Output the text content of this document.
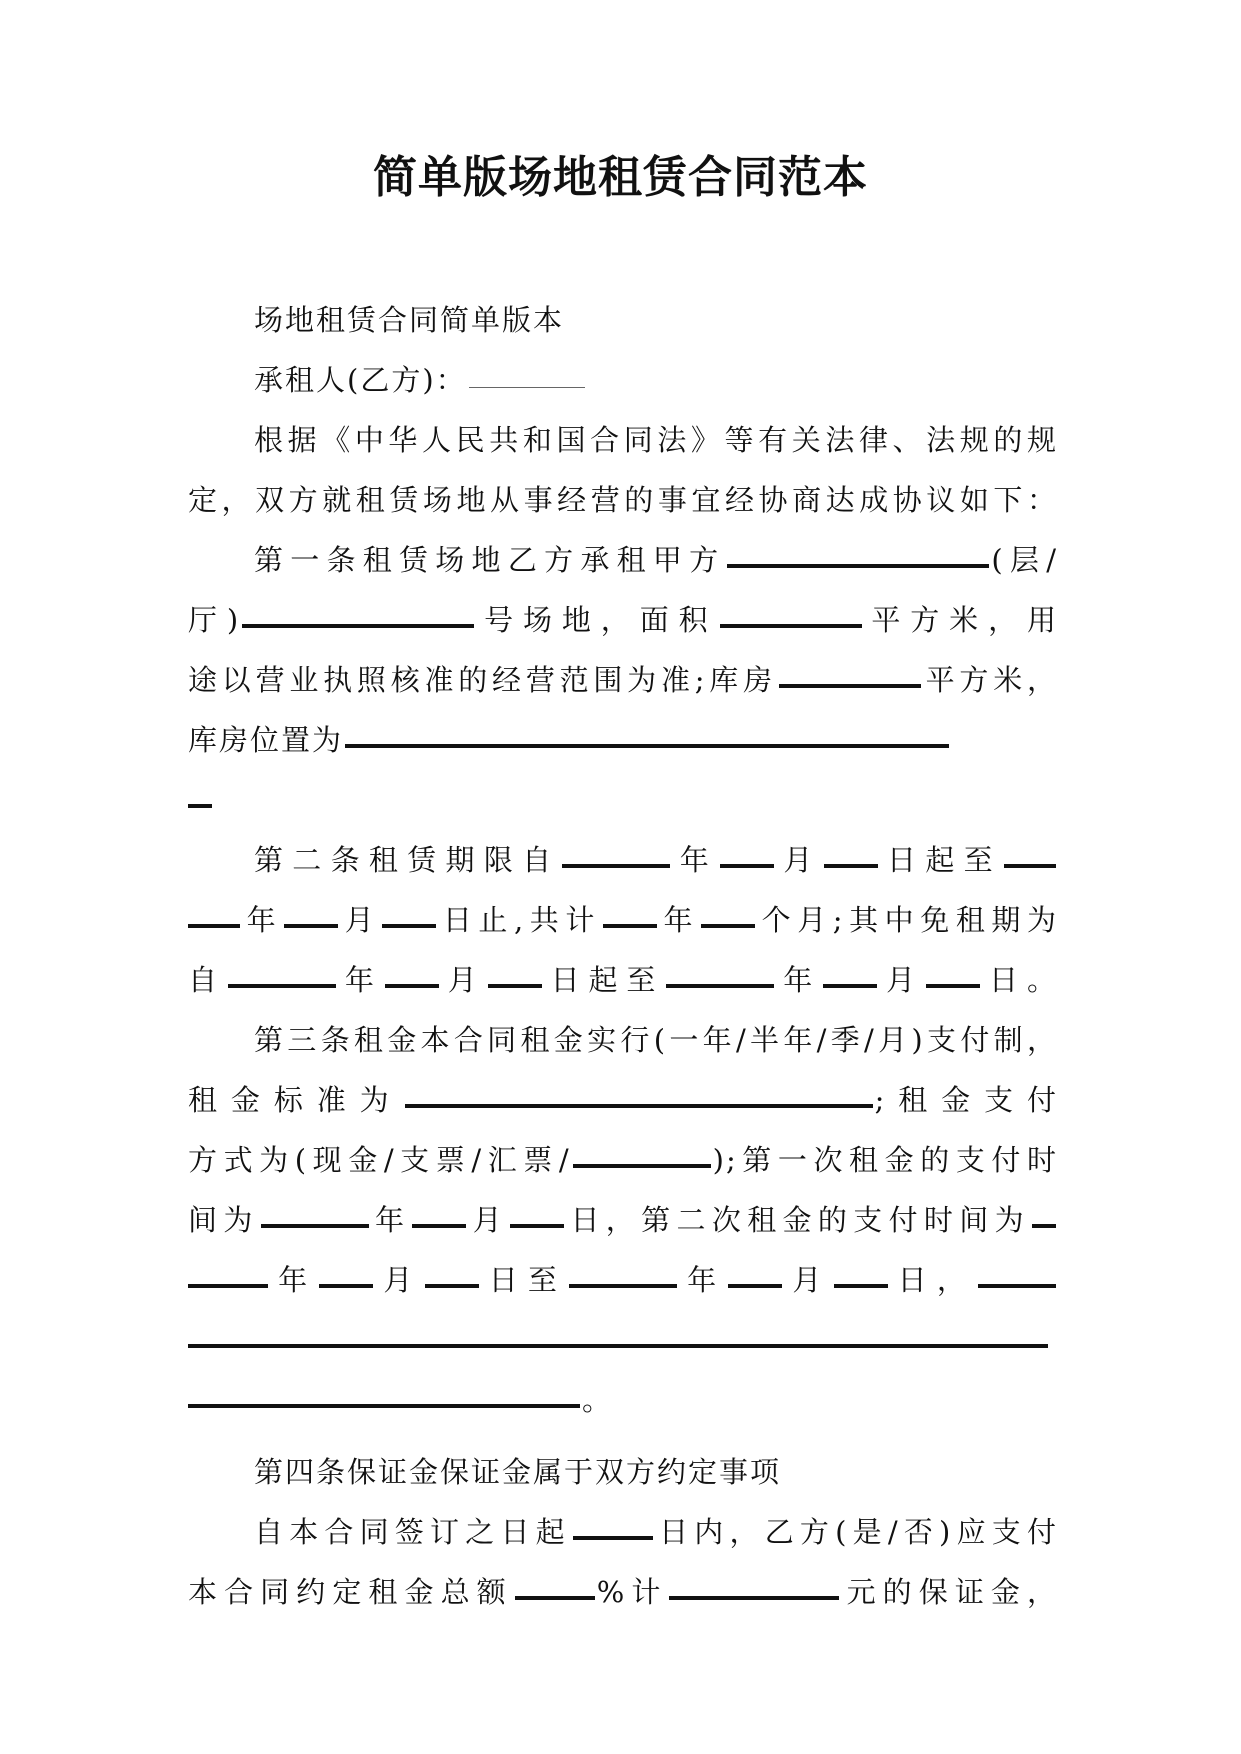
简单版场地租赁合同范本
场地租赁合同简单版本
承租人(乙方)：
根据《中华人民共和国合同法》等有关法律、法规的规
定，双方就租赁场地从事经营的事宜经协商达成协议如下：
第一条租赁场地乙方承租甲方	(层/
厅)	号场地，面积	平方米，用
途以营业执照核准的经营范围为准;库房	平方米，
库房位置为
第二条租赁期限自	年 月 日起至
年 月 日止,共计 年 个月;其中免租期为
自	年 月 日起至	年 月 日。
第三条租金本合同租金实行(一年/半年/季/月)支付制，
租金标准为	;租金支付
方式为(现金/支票/汇票/	);第一次租金的支付时
间为	年 月 日，第二次租金的支付时间为
年 月 日至	年 月 日，
。
第四条保证金保证金属于双方约定事项
自本合同签订之日起	日内，乙方(是/否)应支付
本合同约定租金总额	%计	元的保证金，
